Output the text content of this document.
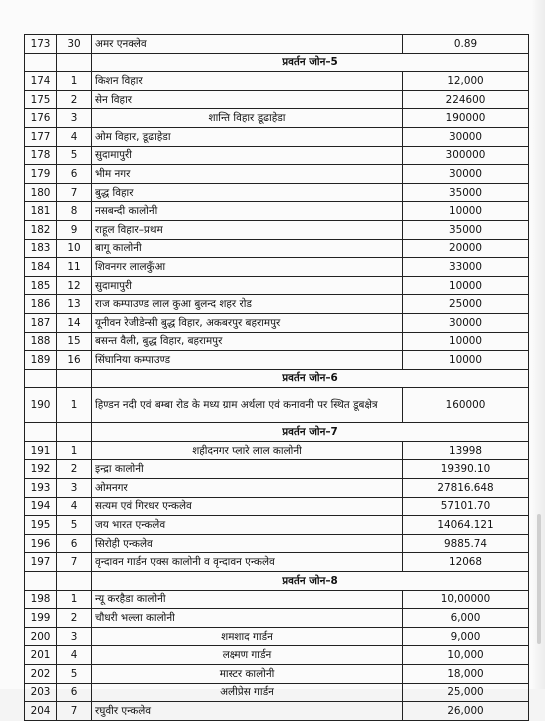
173	30	अमर एनक्लेव	0.89
		प्रवर्तन जोन–5	
174	1	किशन विहार	12,000
175	2	सेन विहार	224600
176	3	शान्ति विहार डूढाहेडा	190000
177	4	ओम विहार, डूढाहेडा	30000
178	5	सुदामापुरी	300000
179	6	भीम नगर	30000
180	7	बुद्ध विहार	35000
181	8	नसबन्दी कालोनी	10000
182	9	राहूल विहार–प्रथम	35000
183	10	बागू कालोनी	20000
184	11	शिवनगर लालकुँआ	33000
185	12	सुदामापुरी	10000
186	13	राज कम्पाउण्ड लाल कुआ बुलन्द शहर रोड	25000
187	14	यूनीवन रेजीडेन्सी बुद्ध विहार, अकबरपुर बहरामपुर	30000
188	15	बसन्त वैली, बुद्ध विहार, बहरामपुर	10000
189	16	सिंघानिया कम्पाउण्ड	10000
		प्रवर्तन जोन–6	
190	1	हिण्डन नदी एवं बम्बा रोड के मध्य ग्राम अर्थला एवं कनावनी पर स्थित डूबक्षेत्र	160000
		प्रवर्तन जोन–7	
191	1	शहीदनगर प्लारे लाल कालोनी	13998
192	2	इन्द्रा कालोनी	19390.10
193	3	ओमनगर	27816.648
194	4	सत्यम एवं गिरधर एन्कलेव	57101.70
195	5	जय भारत एन्कलेव	14064.121
196	6	सिरोही एन्कलेव	9885.74
197	7	वृन्दावन गार्डन एक्स कालोनी व वृन्दावन एन्कलेव	12068
		प्रवर्तन जोन–8	
198	1	न्यू करहैडा कालोनी	10,00000
199	2	चौधरी भल्ला कालोनी	6,000
200	3	शमशाद गार्डन	9,000
201	4	लक्ष्मण गार्डन	10,000
202	5	मास्टर कालोनी	18,000
203	6	अलीप्रेस गार्डन	25,000
204	7	रघुवीर एन्कलेव	26,000
